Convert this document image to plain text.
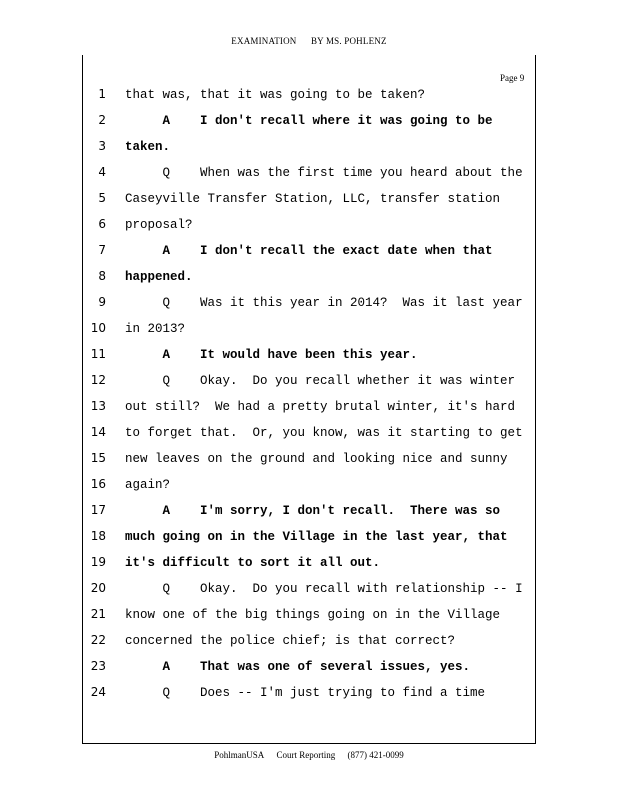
EXAMINATION BY MS. POHLENZ
Page 9
1 that was, that it was going to be taken?
2 A    I don't recall where it was going to be
3 taken.
4 Q    When was the first time you heard about the
5 Caseyville Transfer Station, LLC, transfer station
6 proposal?
7 A    I don't recall the exact date when that
8 happened.
9 Q    Was it this year in 2014?  Was it last year
10 in 2013?
11 A    It would have been this year.
12 Q    Okay.  Do you recall whether it was winter
13 out still?  We had a pretty brutal winter, it's hard
14 to forget that.  Or, you know, was it starting to get
15 new leaves on the ground and looking nice and sunny
16 again?
17 A    I'm sorry, I don't recall.  There was so
18 much going on in the Village in the last year, that
19 it's difficult to sort it all out.
20 Q    Okay.  Do you recall with relationship -- I
21 know one of the big things going on in the Village
22 concerned the police chief; is that correct?
23 A    That was one of several issues, yes.
24 Q    Does -- I'm just trying to find a time
PohlmanUSA Court Reporting (877) 421-0099
